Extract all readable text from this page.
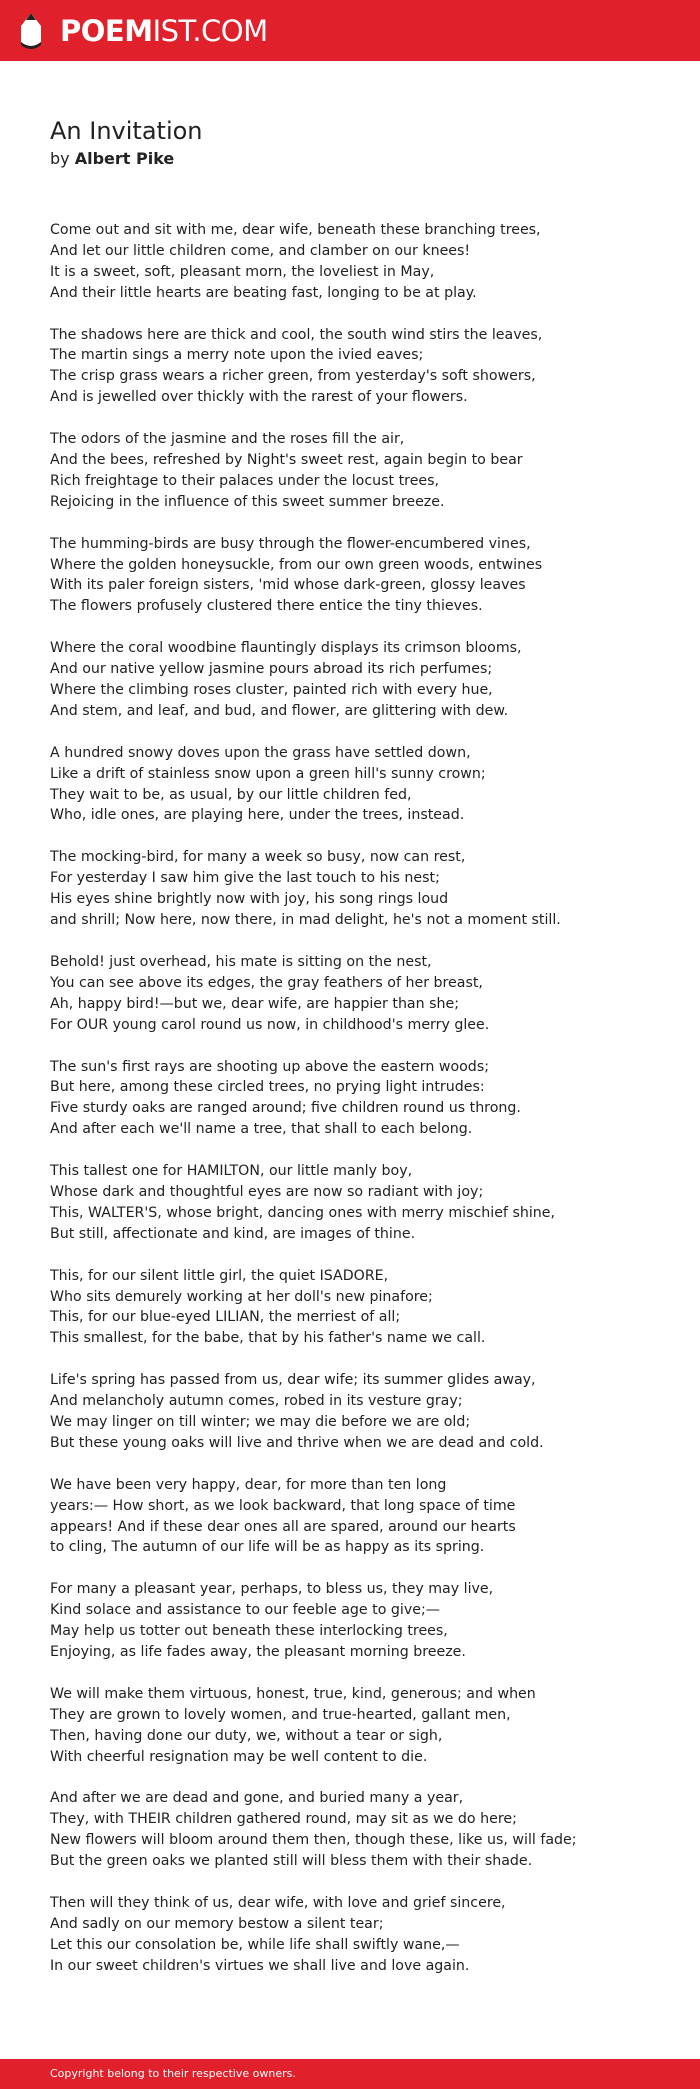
POEMIST.COM
An Invitation
by Albert Pike
Come out and sit with me, dear wife, beneath these branching trees,
And let our little children come, and clamber on our knees!
It is a sweet, soft, pleasant morn, the loveliest in May,
And their little hearts are beating fast, longing to be at play.
The shadows here are thick and cool, the south wind stirs the leaves,
The martin sings a merry note upon the ivied eaves;
The crisp grass wears a richer green, from yesterday's soft showers,
And is jewelled over thickly with the rarest of your flowers.
The odors of the jasmine and the roses fill the air,
And the bees, refreshed by Night's sweet rest, again begin to bear
Rich freightage to their palaces under the locust trees,
Rejoicing in the influence of this sweet summer breeze.
The humming-birds are busy through the flower-encumbered vines,
Where the golden honeysuckle, from our own green woods, entwines
With its paler foreign sisters, 'mid whose dark-green, glossy leaves
The flowers profusely clustered there entice the tiny thieves.
Where the coral woodbine flauntingly displays its crimson blooms,
And our native yellow jasmine pours abroad its rich perfumes;
Where the climbing roses cluster, painted rich with every hue,
And stem, and leaf, and bud, and flower, are glittering with dew.
A hundred snowy doves upon the grass have settled down,
Like a drift of stainless snow upon a green hill's sunny crown;
They wait to be, as usual, by our little children fed,
Who, idle ones, are playing here, under the trees, instead.
The mocking-bird, for many a week so busy, now can rest,
For yesterday I saw him give the last touch to his nest;
His eyes shine brightly now with joy, his song rings loud
and shrill; Now here, now there, in mad delight, he's not a moment still.
Behold! just overhead, his mate is sitting on the nest,
You can see above its edges, the gray feathers of her breast,
Ah, happy bird!—but we, dear wife, are happier than she;
For OUR young carol round us now, in childhood's merry glee.
The sun's first rays are shooting up above the eastern woods;
But here, among these circled trees, no prying light intrudes:
Five sturdy oaks are ranged around; five children round us throng.
And after each we'll name a tree, that shall to each belong.
This tallest one for HAMILTON, our little manly boy,
Whose dark and thoughtful eyes are now so radiant with joy;
This, WALTER'S, whose bright, dancing ones with merry mischief shine,
But still, affectionate and kind, are images of thine.
This, for our silent little girl, the quiet ISADORE,
Who sits demurely working at her doll's new pinafore;
This, for our blue-eyed LILIAN, the merriest of all;
This smallest, for the babe, that by his father's name we call.
Life's spring has passed from us, dear wife; its summer glides away,
And melancholy autumn comes, robed in its vesture gray;
We may linger on till winter; we may die before we are old;
But these young oaks will live and thrive when we are dead and cold.
We have been very happy, dear, for more than ten long
years:— How short, as we look backward, that long space of time
appears! And if these dear ones all are spared, around our hearts
to cling, The autumn of our life will be as happy as its spring.
For many a pleasant year, perhaps, to bless us, they may live,
Kind solace and assistance to our feeble age to give;—
May help us totter out beneath these interlocking trees,
Enjoying, as life fades away, the pleasant morning breeze.
We will make them virtuous, honest, true, kind, generous; and when
They are grown to lovely women, and true-hearted, gallant men,
Then, having done our duty, we, without a tear or sigh,
With cheerful resignation may be well content to die.
And after we are dead and gone, and buried many a year,
They, with THEIR children gathered round, may sit as we do here;
New flowers will bloom around them then, though these, like us, will fade;
But the green oaks we planted still will bless them with their shade.
Then will they think of us, dear wife, with love and grief sincere,
And sadly on our memory bestow a silent tear;
Let this our consolation be, while life shall swiftly wane,—
In our sweet children's virtues we shall live and love again.
Copyright belong to their respective owners.
